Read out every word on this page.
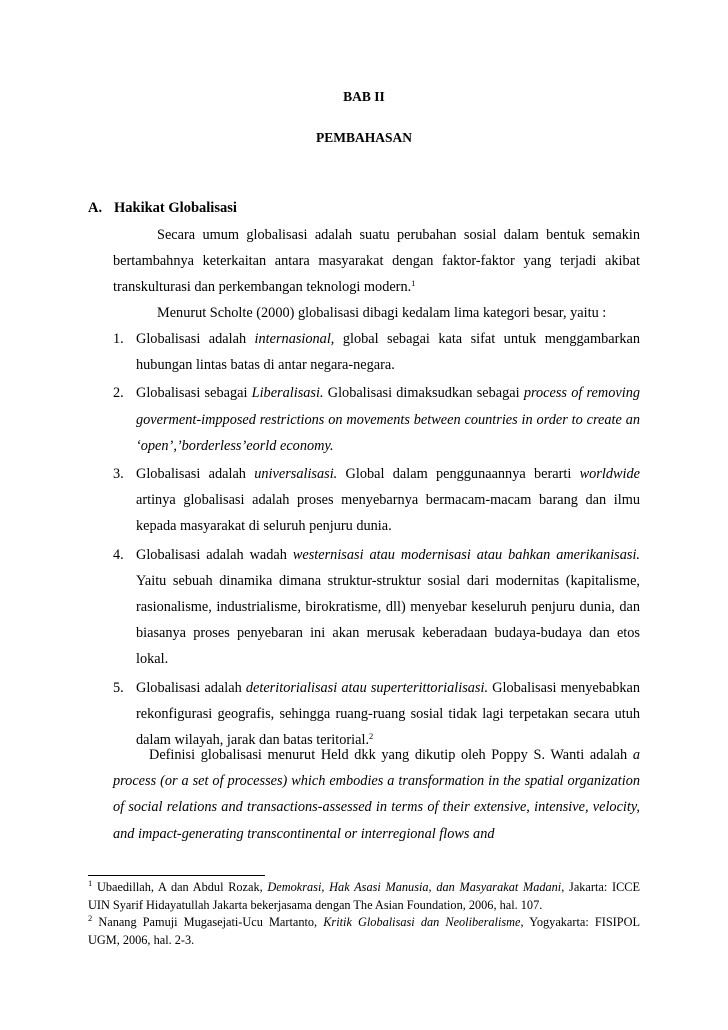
BAB II
PEMBAHASAN
A. Hakikat Globalisasi
Secara umum globalisasi adalah suatu perubahan sosial dalam bentuk semakin bertambahnya keterkaitan antara masyarakat dengan faktor-faktor yang terjadi akibat transkulturasi dan perkembangan teknologi modern.$^1$
Menurut Scholte (2000) globalisasi dibagi kedalam lima kategori besar, yaitu :
1. Globalisasi adalah internasional, global sebagai kata sifat untuk menggambarkan hubungan lintas batas di antar negara-negara.
2. Globalisasi sebagai Liberalisasi. Globalisasi dimaksudkan sebagai process of removing goverment-impposed restrictions on movements between countries in order to create an ‘open’,’borderless’eorld economy.
3. Globalisasi adalah universalisasi. Global dalam penggunaannya berarti worldwide artinya globalisasi adalah proses menyebarnya bermacam-macam barang dan ilmu kepada masyarakat di seluruh penjuru dunia.
4. Globalisasi adalah wadah westernisasi atau modernisasi atau bahkan amerikanisasi. Yaitu sebuah dinamika dimana struktur-struktur sosial dari modernitas (kapitalisme, rasionalisme, industrialisme, birokratisme, dll) menyebar keseluruh penjuru dunia, dan biasanya proses penyebaran ini akan merusak keberadaan budaya-budaya dan etos lokal.
5. Globalisasi adalah deteritorialisasi atau superterittorialisasi. Globalisasi menyebabkan rekonfigurasi geografis, sehingga ruang-ruang sosial tidak lagi terpetakan secara utuh dalam wilayah, jarak dan batas teritorial.$^2$
Definisi globalisasi menurut Held dkk yang dikutip oleh Poppy S. Wanti adalah a process (or a set of processes) which embodies a transformation in the spatial organization of social relations and transactions-assessed in terms of their extensive, intensive, velocity, and impact-generating transcontinental or interregional flows and
$^1$ Ubaedillah, A dan Abdul Rozak, Demokrasi, Hak Asasi Manusia, dan Masyarakat Madani, Jakarta: ICCE UIN Syarif Hidayatullah Jakarta bekerjasama dengan The Asian Foundation, 2006, hal. 107.
$^2$ Nanang Pamuji Mugasejati-Ucu Martanto, Kritik Globalisasi dan Neoliberalisme, Yogyakarta: FISIPOL UGM, 2006, hal. 2-3.
